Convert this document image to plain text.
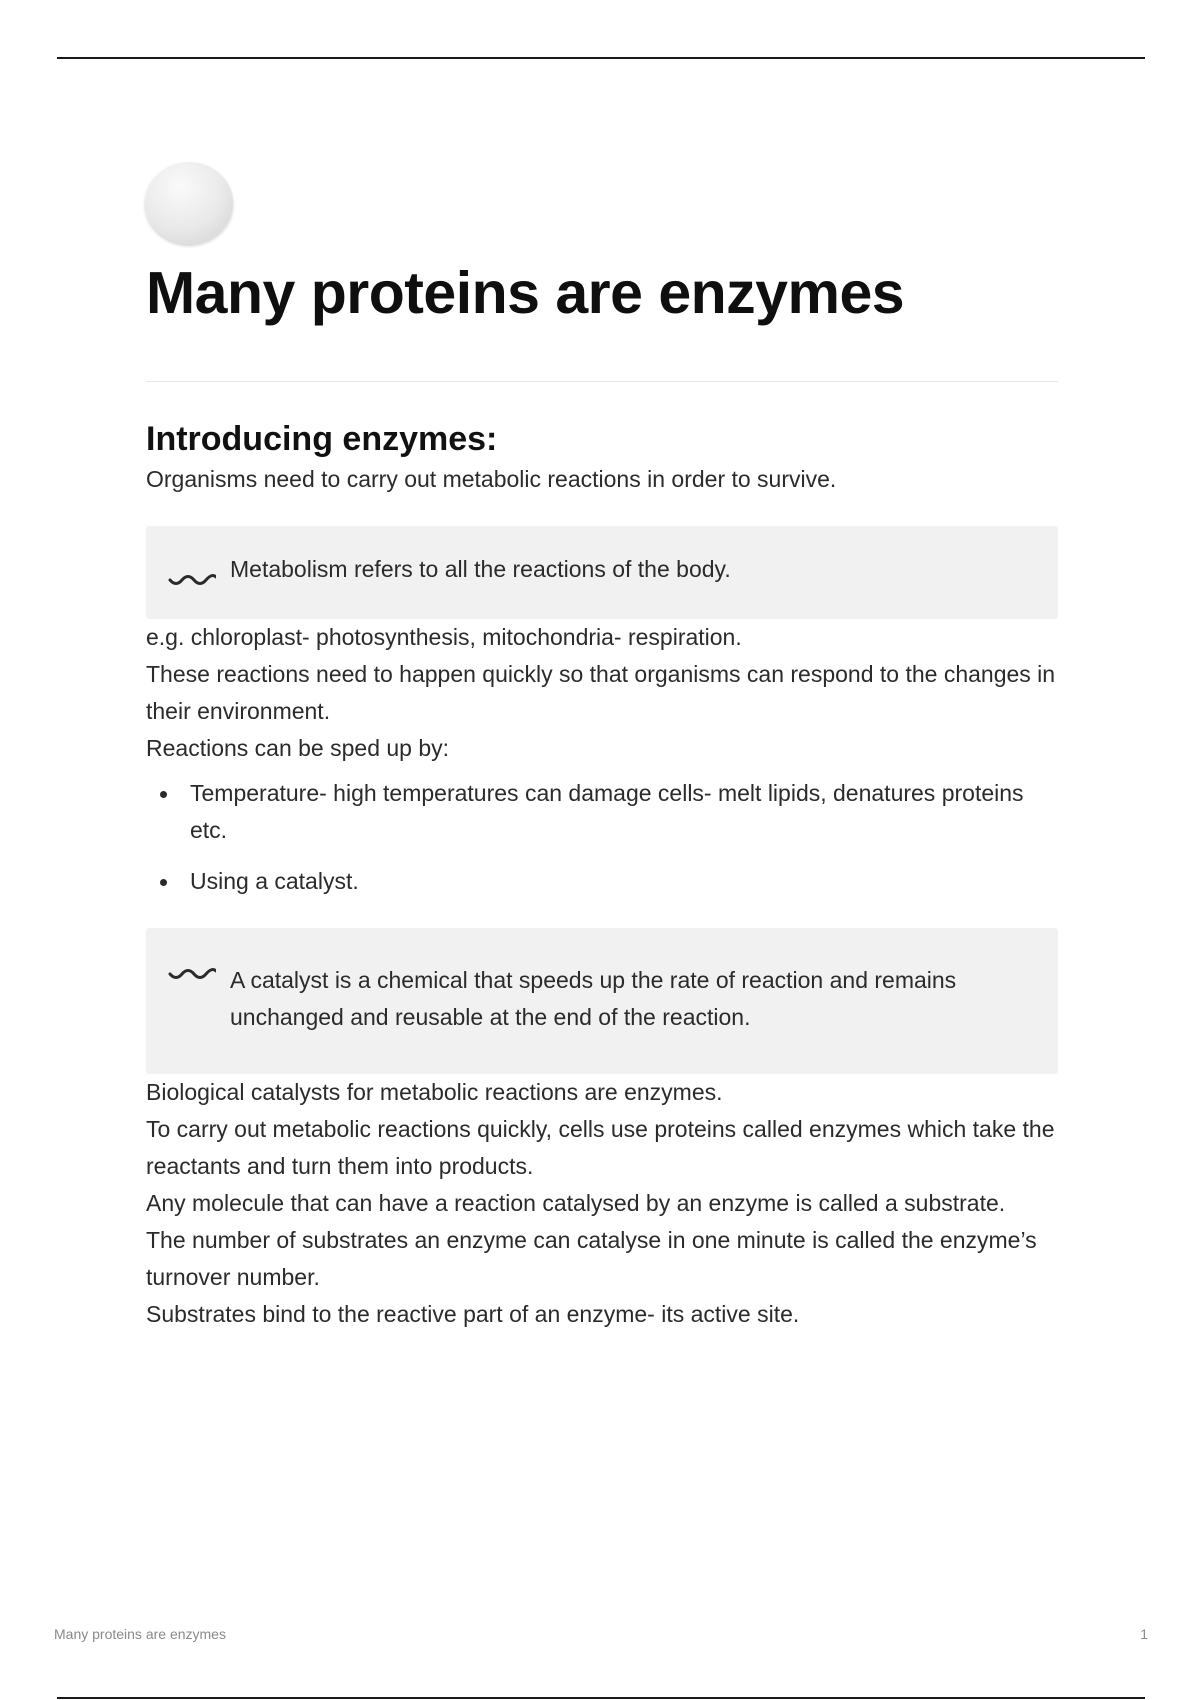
Many proteins are enzymes
Introducing enzymes:

Organisms need to carry out metabolic reactions in order to survive.

Metabolism refers to all the reactions of the body.

e.g. chloroplast- photosynthesis, mitochondria- respiration.

These reactions need to happen quickly so that organisms can respond to the changes in their environment.

Reactions can be sped up by:

Temperature- high temperatures can damage cells- melt lipids, denatures proteins etc.
Using a catalyst.

A catalyst is a chemical that speeds up the rate of reaction and remains unchanged and reusable at the end of the reaction.

Biological catalysts for metabolic reactions are enzymes.

To carry out metabolic reactions quickly, cells use proteins called enzymes which take the reactants and turn them into products.

Any molecule that can have a reaction catalysed by an enzyme is called a substrate.

The number of substrates an enzyme can catalyse in one minute is called the enzyme’s turnover number.

Substrates bind to the reactive part of an enzyme- its active site.

Many proteins are enzymes	1
